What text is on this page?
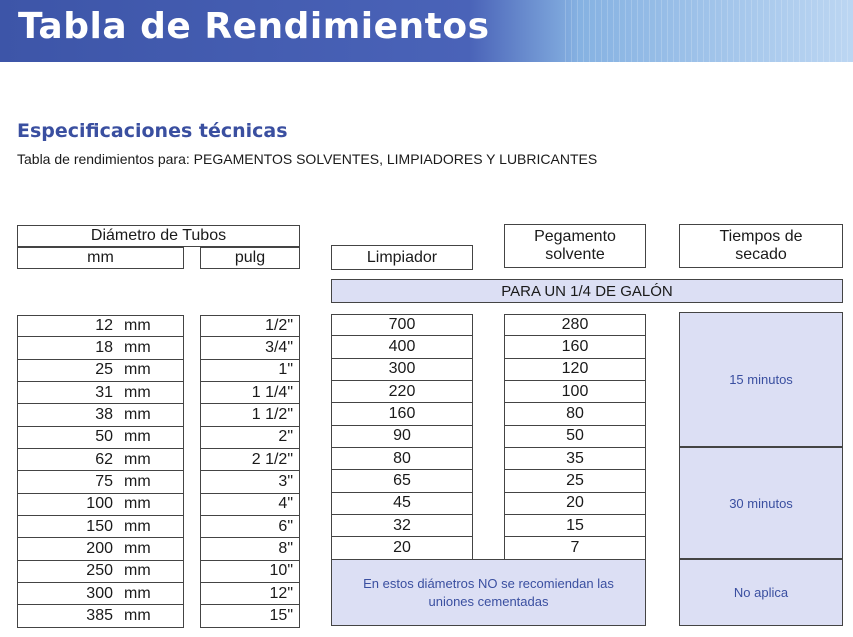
Tabla de Rendimientos
Especificaciones técnicas
Tabla de rendimientos para: PEGAMENTOS SOLVENTES, LIMPIADORES Y LUBRICANTES
Diámetro de Tubos
mm	pulg	Limpiador
Pegamento solvente
Tiempos de secado
PARA UN 1/4 DE GALÓN
12 mm
18 mm
25 mm
31 mm
38 mm
50 mm
62 mm
75 mm
100 mm
150 mm
200 mm
250 mm
300 mm
385 mm
1/2"
3/4"
1"
1 1/4"
1 1/2"
2"
2 1/2"
3"
4"
6"
8"
10"
12"
15"
700
400
300
220
160
90
80
65
45
32
20
280
160
120
100
80
50
35
25
20
15
7
15 minutos
30 minutos
No aplica
En estos diámetros NO se recomiendan las uniones cementadas
